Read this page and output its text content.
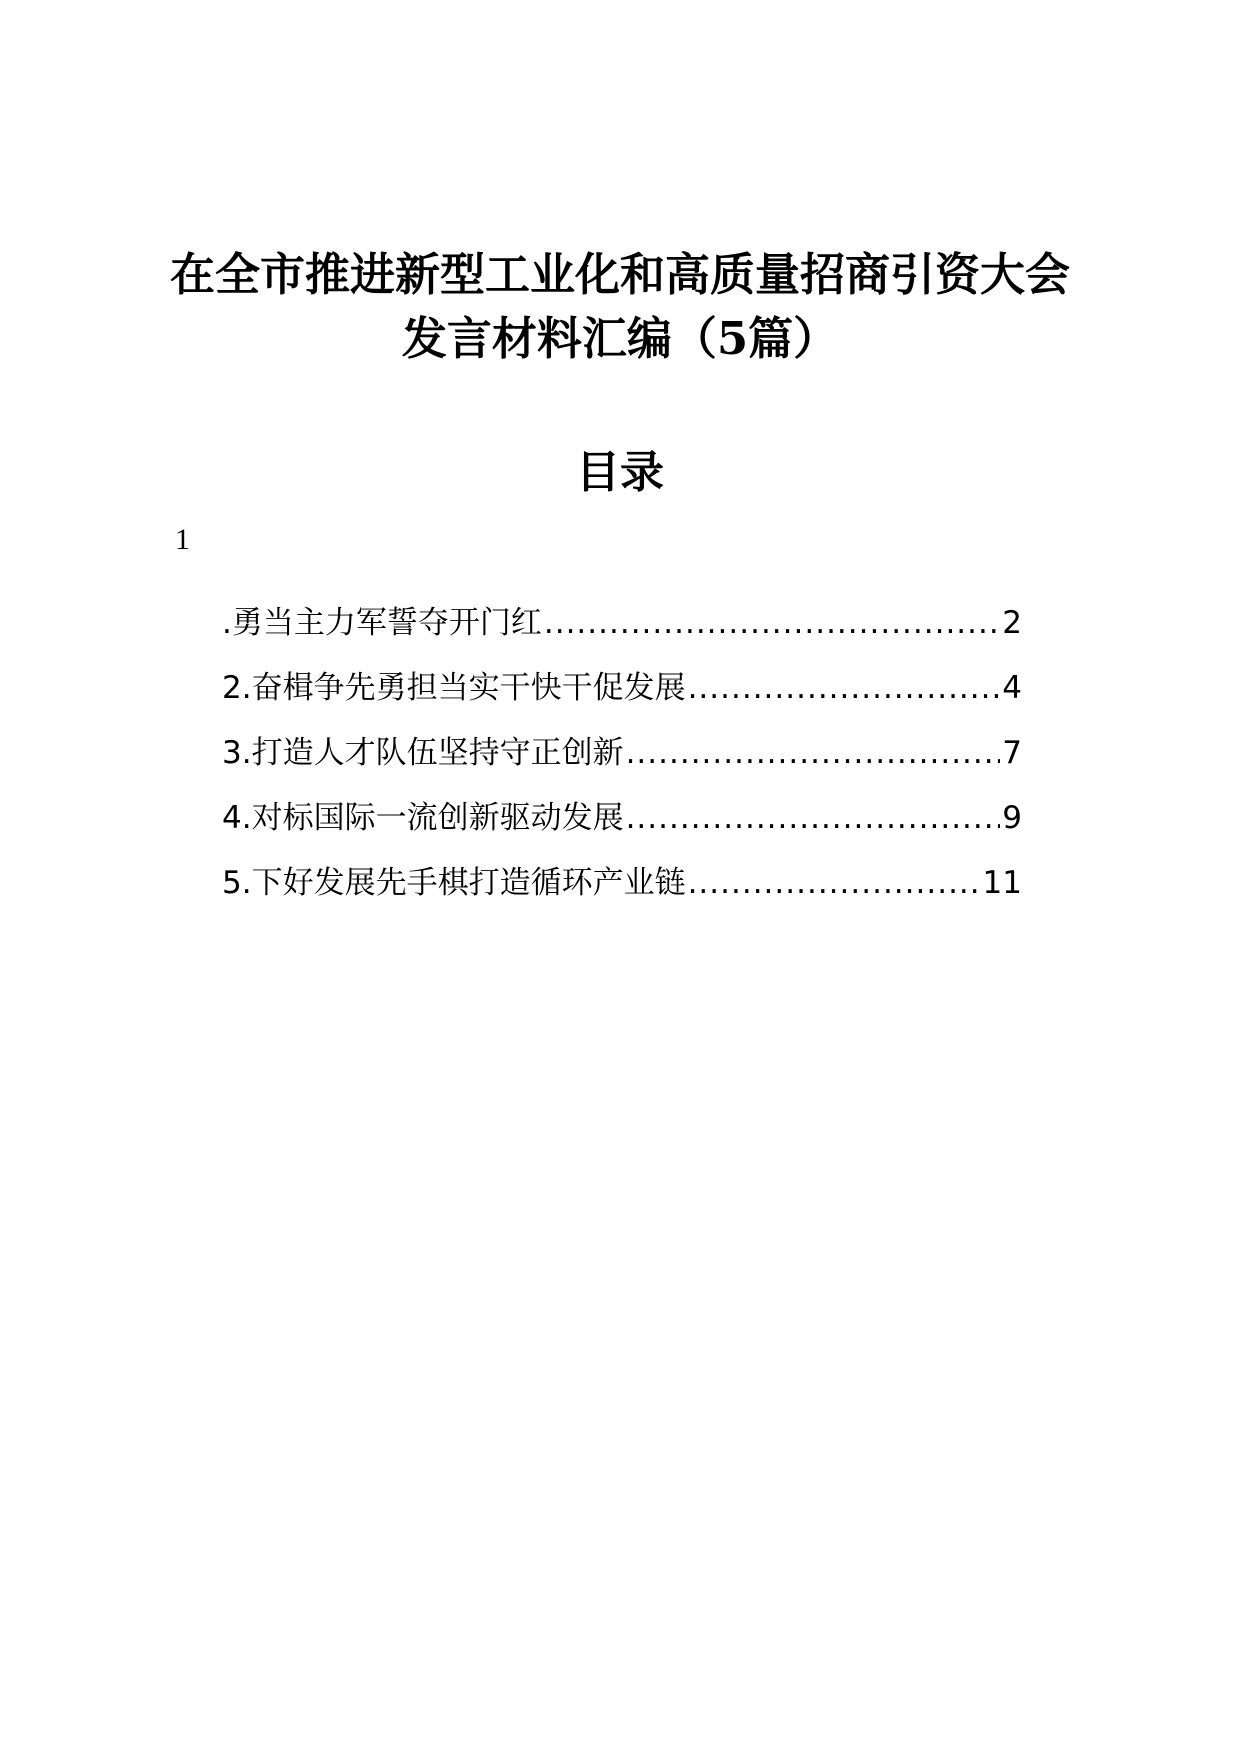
在全市推进新型工业化和高质量招商引资大会
发言材料汇编（5篇）
目录
1
.勇当主力军誓夺开门红 .....	2
2.奋楫争先勇担当实干快干促发展 .....	4
3.打造人才队伍坚持守正创新 .....	7
4.对标国际一流创新驱动发展 .....	9
5.下好发展先手棋打造循环产业链 .....	11
